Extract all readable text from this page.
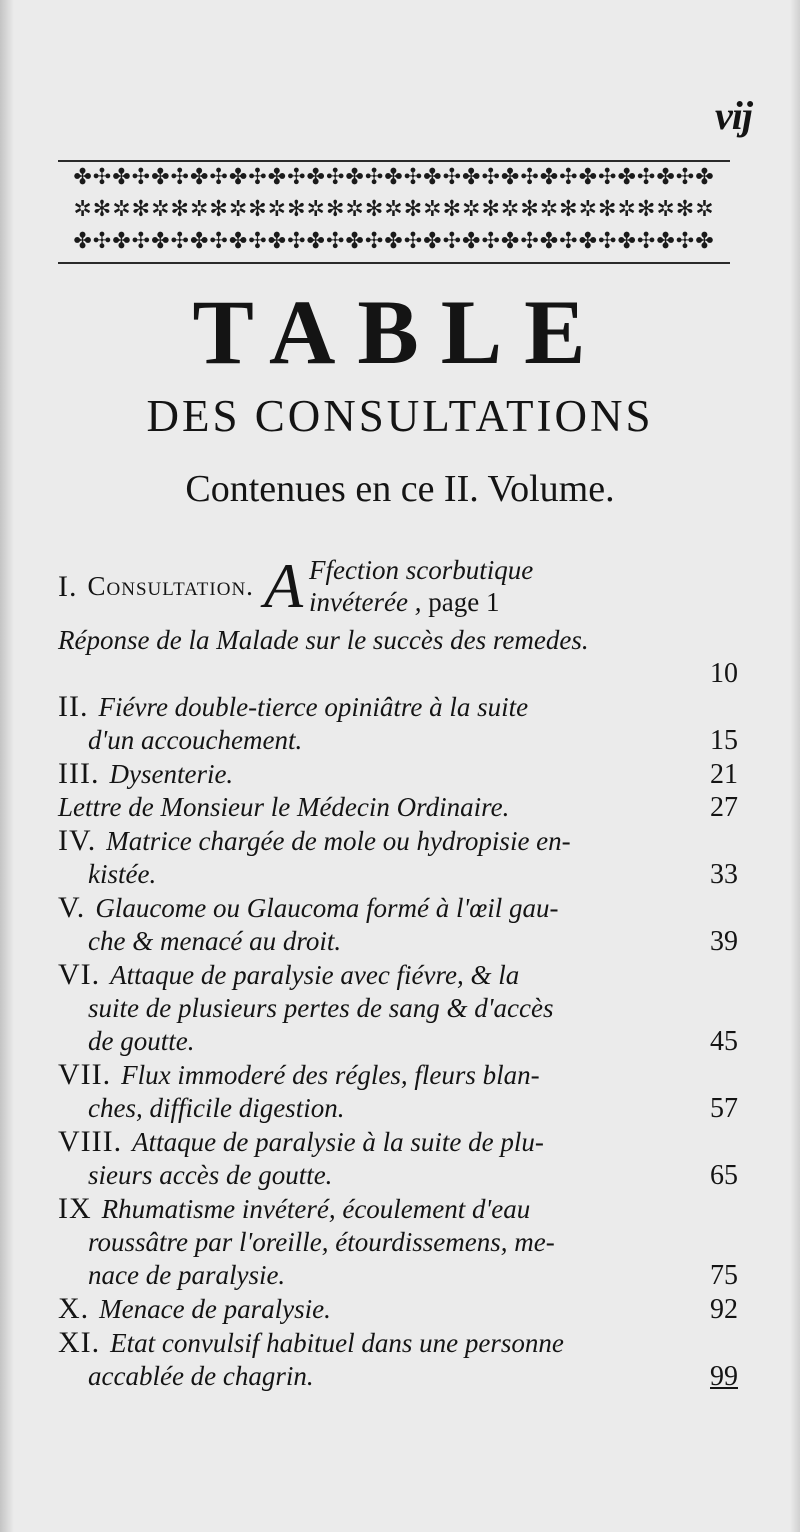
vij
✤✣✤✣✤✣✤✣✤✣✤✣✤✣✤✣✤✣✤✣✤✣✤✣✤✣✤✣✤✣✤✣✤
✲✻✲✻✲✻✲✻✲✻✲✻✲✻✲✻✲✻✲✻✲✻✲✻✲✻✲✻✲✻✲✻✲
✤✣✤✣✤✣✤✣✤✣✤✣✤✣✤✣✤✣✤✣✤✣✤✣✤✣✤✣✤✣✤✣✤
TABLE
DES CONSULTATIONS
Contenues en ce II. Volume.
I. Consultation. A Ffection scorbutique
invéterée , page 1
Réponse de la Malade sur le succès des remedes.
10
II. Fiévre double-tierce opiniâtre à la suite
d'un accouchement.	15
III. Dysenterie.	21
Lettre de Monsieur le Médecin Ordinaire.	27
IV. Matrice chargée de mole ou hydropisie en-
kistée.	33
V. Glaucome ou Glaucoma formé à l'œil gau-
che & menacé au droit.	39
VI. Attaque de paralysie avec fiévre, & la
suite de plusieurs pertes de sang & d'accès
de goutte.	45
VII. Flux immoderé des régles, fleurs blan-
ches, difficile digestion.	57
VIII. Attaque de paralysie à la suite de plu-
sieurs accès de goutte.	65
IX Rhumatisme invéteré, écoulement d'eau
roussâtre par l'oreille, étourdissemens, me-
nace de paralysie.	75
X. Menace de paralysie.	92
XI. Etat convulsif habituel dans une personne
accablée de chagrin.	99
